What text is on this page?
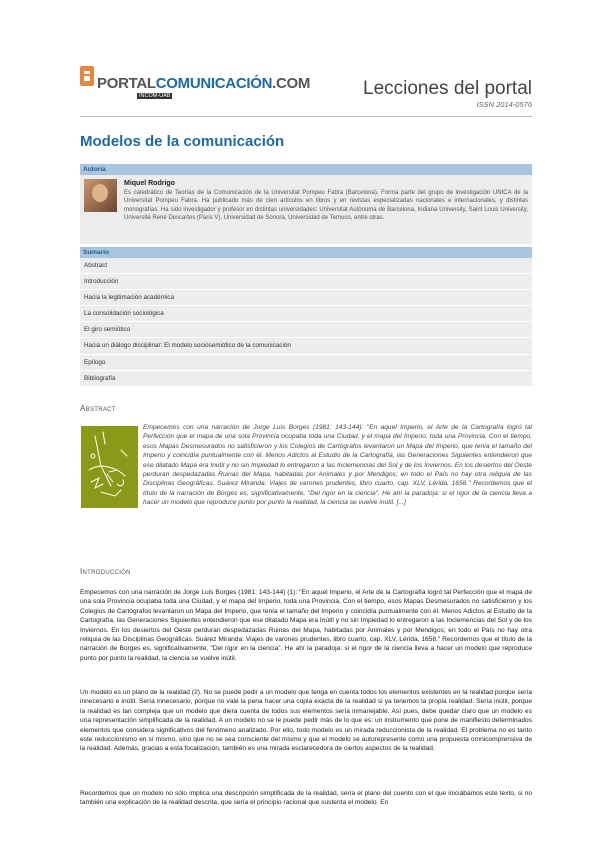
PORTALCOMUNICACIÓN.COM
INCOM-UAB	Lecciones del portal
ISSN 2014-0576
Modelos de la comunicación
Autoría
Miquel Rodrigo
Es catedrático de Teorías de la Comunicación de la Universitat Pompeu Fabra (Barcelona). Forma parte del grupo de investigación UNICA de la Universitat Pompeu Fabra. Ha publicado más de cien artículos en libros y en revistas especializadas nacionales e internacionales, y distintas monografías. Ha sido investigador y profesor en distintas universidades: Universitat Autònoma de Barcelona, Indiana University, Saint Louis University, Université René Descartes (Paris V), Universidad de Sonora, Universidad de Temuco, entre otras.
Sumario
Abstract
Introducción
Hacia la legitimación académica
La consolidación sociológica
El giro semiótico
Hacia un diálogo disciplinar: El modelo sociosemiótico de la comunicación
Epílogo
Bibliografía
Abstract
Empecemos con una narración de Jorge Luis Borges (1981: 143-144): "En aquel Imperio, el Arte de la Cartografía logró tal Perfección que el mapa de una sola Provincia ocupaba toda una Ciudad, y el mapa del Imperio, toda una Provincia. Con el tiempo, esos Mapas Desmesurados no satisficieron y los Colegios de Cartógrafos levantaron un Mapa del Imperio, que tenía el tamaño del Imperio y coincidía puntualmente con él. Menos Adictos al Estudio de la Cartografía, las Generaciones Siguientes entendieron que ese dilatado Mapa era Inútil y no sin Impiedad lo entregaron a las Inclemencias del Sol y de los Inviernos. En los desiertos del Oeste perduran despedazadas Ruinas del Mapa, habitadas por Animales y por Mendigos; en todo el País no hay otra reliquia de las Disciplinas Geográficas. Suárez Miranda: Viajes de varones prudentes, libro cuarto, cap. XLV, Lérida, 1658." Recordemos que el título de la narración de Borges es, significativamente, "Del rigor en la ciencia". He ahí la paradoja: si el rigor de la ciencia lleva a hacer un modelo que reproduce punto por punto la realidad, la ciencia se vuelve inútil. [...]
Introducción
Empecemos con una narración de Jorge Luis Borges (1981: 143-144) (1): "En aquel Imperio, el Arte de la Cartografía logró tal Perfección que el mapa de una sola Provincia ocupaba toda una Ciudad, y el mapa del Imperio, toda una Provincia. Con el tiempo, esos Mapas Desmesurados no satisficieron y los Colegios de Cartógrafos levantaron un Mapa del Imperio, que tenía el tamaño del Imperio y coincidía puntualmente con él. Menos Adictos al Estudio de la Cartografía, las Generaciones Siguientes entendieron que ese dilatado Mapa era Inútil y no sin Impiedad lo entregaron a las Inclemencias del Sol y de los Inviernos. En los desiertos del Oeste perduran despedazadas Ruinas del Mapa, habitadas por Animales y por Mendigos; en todo el País no hay otra reliquia de las Disciplinas Geográficas. Suárez Miranda: Viajes de varones prudentes, libro cuarto, cap. XLV, Lérida, 1658." Recordemos que el título de la narración de Borges es, significativamente, "Del rigor en la ciencia". He ahí la paradoja: si el rigor de la ciencia lleva a hacer un modelo que reproduce punto por punto la realidad, la ciencia se vuelve inútil.
Un modelo es un plano de la realidad (2). No se puede pedir a un modelo que tenga en cuenta todos los elementos existentes en la realidad porque sería innecesario e inútil. Sería innecesario, porque no vale la pena hacer una copia exacta de la realidad si ya tenemos la propia realidad. Sería inútil, porque la realidad es tan compleja que un modelo que diera cuenta de todos sus elementos sería inmanejable. Así pues, debe quedar claro que un modelo es una representación simplificada de la realidad. A un modelo no se le puede pedir más de lo que es: un instrumento que pone de manifiesto determinados elementos que considera significativos del fenómeno analizado. Por ello, todo modelo es un mirada reduccionista de la realidad. El problema no es tanto este reduccionismo en sí mismo, sino que no se sea consciente del mismo y que el modelo se autorepresente como una propuesta omnicomprensiva de la realidad. Además, gracias a esta focalización, también es una mirada esclarecedora de ciertos aspectos de la realidad.
Recordemos que un modelo no sólo implica una descripción simplificada de la realidad, sería el plano del cuento con el que iniciábamos este texto, si no también una explicación de la realidad descrita, que sería el principio racional que sustenta el modelo. En
